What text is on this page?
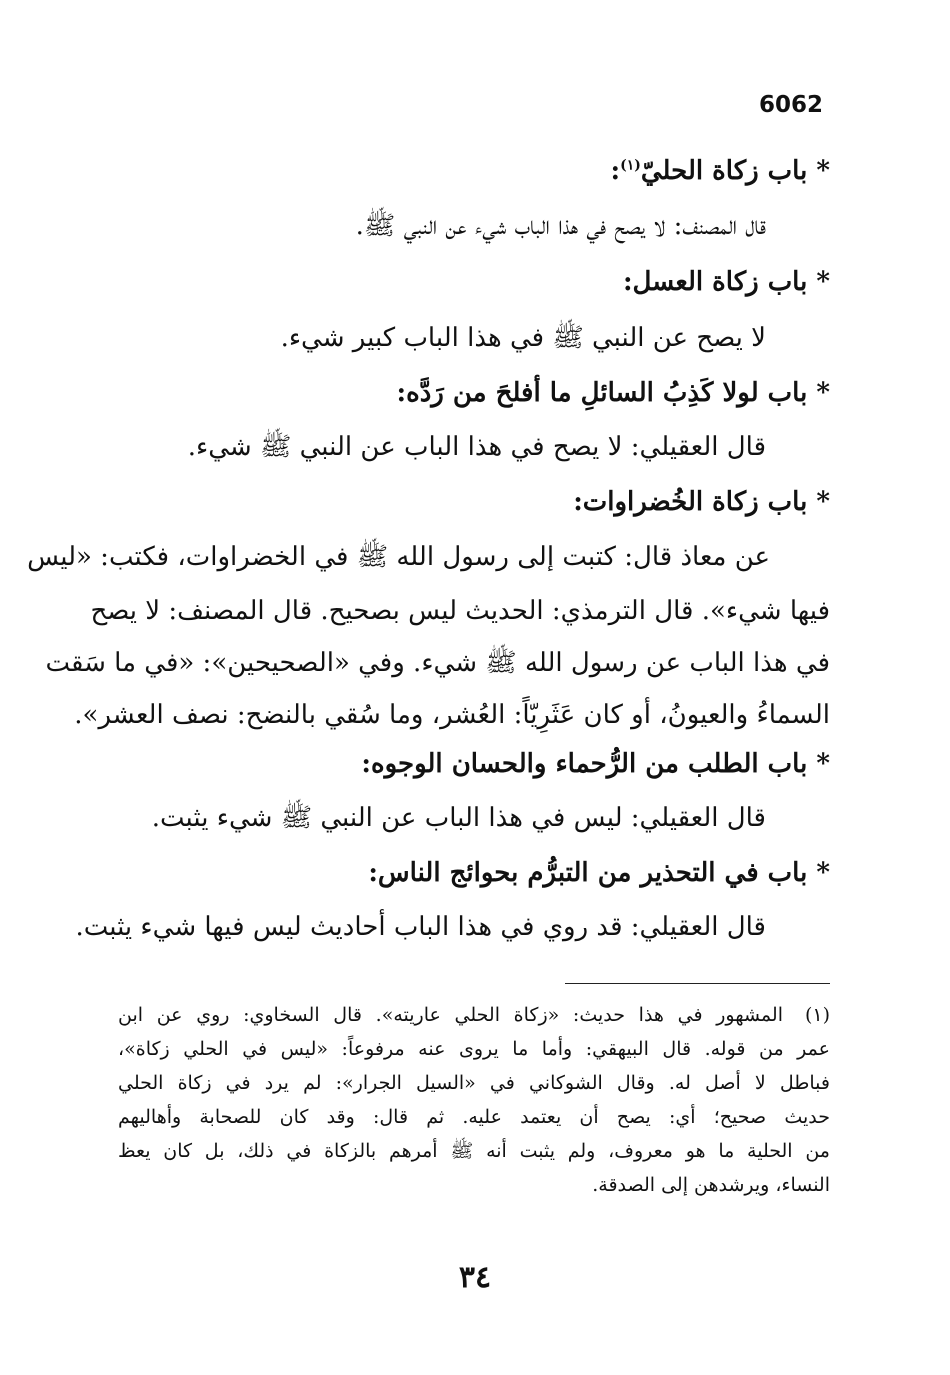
6062
* باب زكاة الحليّ$^{(١)}$:
قال المصنف: لا يصح في هذا الباب شيء عن النبي ﷺ.
* باب زكاة العسل:
لا يصح عن النبي ﷺ في هذا الباب كبير شيء.
* باب لولا كَذِبُ السائلِ ما أفلحَ من رَدَّه:
قال العقيلي: لا يصح في هذا الباب عن النبي ﷺ شيء.
* باب زكاة الخُضراوات:
عن معاذ قال: كتبت إلى رسول الله ﷺ في الخضراوات، فكتب: «ليس
فيها شيء». قال الترمذي: الحديث ليس بصحيح. قال المصنف: لا يصح
في هذا الباب عن رسول الله ﷺ شيء. وفي «الصحيحين»: «في ما سَقت
السماءُ والعيونُ، أو كان عَثَرِيّاً: العُشر، وما سُقي بالنضح: نصف العشر».
* باب الطلب من الرُّحماء والحسان الوجوه:
قال العقيلي: ليس في هذا الباب عن النبي ﷺ شيء يثبت.
* باب في التحذير من التبرُّم بحوائج الناس:
قال العقيلي: قد روي في هذا الباب أحاديث ليس فيها شيء يثبت.
(١)
المشهور في هذا حديث: «زكاة الحلي عاريته». قال السخاوي: روي عن ابن
عمر من قوله. قال البيهقي: وأما ما يروى عنه مرفوعاً: «ليس في الحلي زكاة»،
فباطل لا أصل له. وقال الشوكاني في «السيل الجرار»: لم يرد في زكاة الحلي
حديث صحيح؛ أي: يصح أن يعتمد عليه. ثم قال: وقد كان للصحابة وأهاليهم
من الحلية ما هو معروف، ولم يثبت أنه ﷺ أمرهم بالزكاة في ذلك، بل كان يعظ
النساء، ويرشدهن إلى الصدقة.
٣٤
